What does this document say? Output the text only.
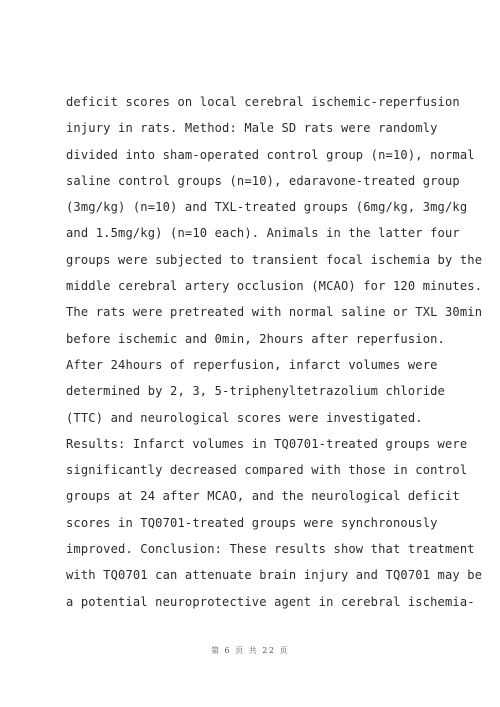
deficit scores on local cerebral ischemic-reperfusion
injury in rats. Method: Male SD rats were randomly
divided into sham-operated control group (n=10), normal
saline control groups (n=10), edaravone-treated group
(3mg/kg) (n=10) and TXL-treated groups (6mg/kg, 3mg/kg
and 1.5mg/kg) (n=10 each). Animals in the latter four
groups were subjected to transient focal ischemia by the
middle cerebral artery occlusion (MCAO) for 120 minutes.
The rats were pretreated with normal saline or TXL 30min
before ischemic and 0min, 2hours after reperfusion.
After 24hours of reperfusion, infarct volumes were
determined by 2, 3, 5-triphenyltetrazolium chloride
(TTC) and neurological scores were investigated.
Results: Infarct volumes in TQ0701-treated groups were
significantly decreased compared with those in control
groups at 24 after MCAO, and the neurological deficit
scores in TQ0701-treated groups were synchronously
improved. Conclusion: These results show that treatment
with TQ0701 can attenuate brain injury and TQ0701 may be
a potential neuroprotective agent in cerebral ischemia-
第 6 页 共 22 页
